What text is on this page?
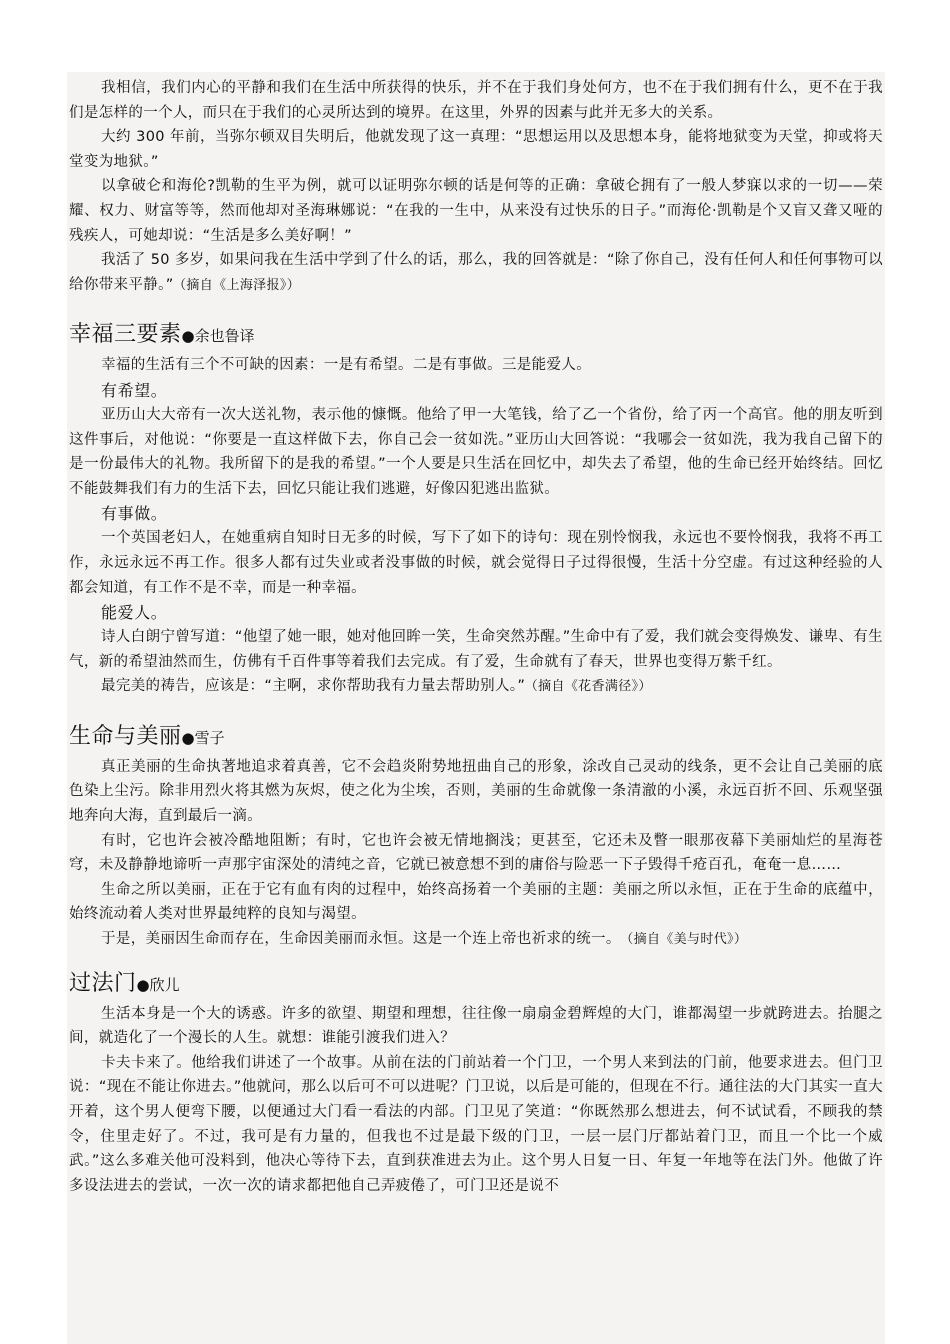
我相信，我们内心的平静和我们在生活中所获得的快乐，并不在于我们身处何方，也不在于我们拥有什么，更不在于我们是怎样的一个人，而只在于我们的心灵所达到的境界。在这里，外界的因素与此并无多大的关系。

大约 300 年前，当弥尔顿双目失明后，他就发现了这一真理：“思想运用以及思想本身，能将地狱变为天堂，抑或将天堂变为地狱。”

以拿破仑和海伦?凯勒的生平为例，就可以证明弥尔顿的话是何等的正确：拿破仑拥有了一般人梦寐以求的一切——荣耀、权力、财富等等，然而他却对圣海琳娜说：“在我的一生中，从来没有过快乐的日子。”而海伦·凯勒是个又盲又聋又哑的残疾人，可她却说：“生活是多么美好啊！”

我活了 50 多岁，如果问我在生活中学到了什么的话，那么，我的回答就是：“除了你自己，没有任何人和任何事物可以给你带来平静。” （摘自《上海泽报》）

幸福三要素●余也鲁译

幸福的生活有三个不可缺的因素：一是有希望。二是有事做。三是能爱人。

有希望。

亚历山大大帝有一次大送礼物，表示他的慷慨。他给了甲一大笔钱，给了乙一个省份，给了丙一个高官。他的朋友听到这件事后，对他说：“你要是一直这样做下去，你自己会一贫如洗。”亚历山大回答说：“我哪会一贫如洗，我为我自己留下的是一份最伟大的礼物。我所留下的是我的希望。”一个人要是只生活在回忆中，却失去了希望，他的生命已经开始终结。回忆不能鼓舞我们有力的生活下去，回忆只能让我们逃避，好像囚犯逃出监狱。

有事做。

一个英国老妇人，在她重病自知时日无多的时候，写下了如下的诗句：现在别怜悯我，永远也不要怜悯我，我将不再工作，永远永远不再工作。很多人都有过失业或者没事做的时候，就会觉得日子过得很慢，生活十分空虚。有过这种经验的人都会知道，有工作不是不幸，而是一种幸福。

能爱人。

诗人白朗宁曾写道：“他望了她一眼，她对他回眸一笑，生命突然苏醒。”生命中有了爱，我们就会变得焕发、谦卑、有生气，新的希望油然而生，仿佛有千百件事等着我们去完成。有了爱，生命就有了春天，世界也变得万紫千红。

最完美的祷告，应该是：“主啊，求你帮助我有力量去帮助别人。” （摘自《花香满径》）

生命与美丽●雪子

真正美丽的生命执著地追求着真善，它不会趋炎附势地扭曲自己的形象，涂改自己灵动的线条，更不会让自己美丽的底色染上尘污。除非用烈火将其燃为灰烬，使之化为尘埃，否则，美丽的生命就像一条清澈的小溪，永远百折不回、乐观坚强地奔向大海，直到最后一滴。

有时，它也许会被冷酷地阻断；有时，它也许会被无情地搁浅；更甚至，它还未及瞥一眼那夜幕下美丽灿烂的星海苍穹，未及静静地谛听一声那宇宙深处的清纯之音，它就已被意想不到的庸俗与险恶一下子毁得千疮百孔，奄奄一息……

生命之所以美丽，正在于它有血有肉的过程中，始终高扬着一个美丽的主题：美丽之所以永恒，正在于生命的底蕴中，始终流动着人类对世界最纯粹的良知与渴望。

于是，美丽因生命而存在，生命因美丽而永恒。这是一个连上帝也祈求的统一。 （摘自《美与时代》）

过法门●欣儿

生活本身是一个大的诱惑。许多的欲望、期望和理想，往往像一扇扇金碧辉煌的大门，谁都渴望一步就跨进去。抬腿之间，就造化了一个漫长的人生。就想：谁能引渡我们进入？

卡夫卡来了。他给我们讲述了一个故事。从前在法的门前站着一个门卫，一个男人来到法的门前，他要求进去。但门卫说：“现在不能让你进去。”他就问，那么以后可不可以进呢？门卫说，以后是可能的，但现在不行。通往法的大门其实一直大开着，这个男人便弯下腰，以便通过大门看一看法的内部。门卫见了笑道：“你既然那么想进去，何不试试看，不顾我的禁令，住里走好了。不过，我可是有力量的，但我也不过是最下级的门卫，一层一层门厅都站着门卫，而且一个比一个威武。”这么多难关他可没料到，他决心等待下去，直到获准进去为止。这个男人日复一日、年复一年地等在法门外。他做了许多设法进去的尝试，一次一次的请求都把他自己弄疲倦了，可门卫还是说不
